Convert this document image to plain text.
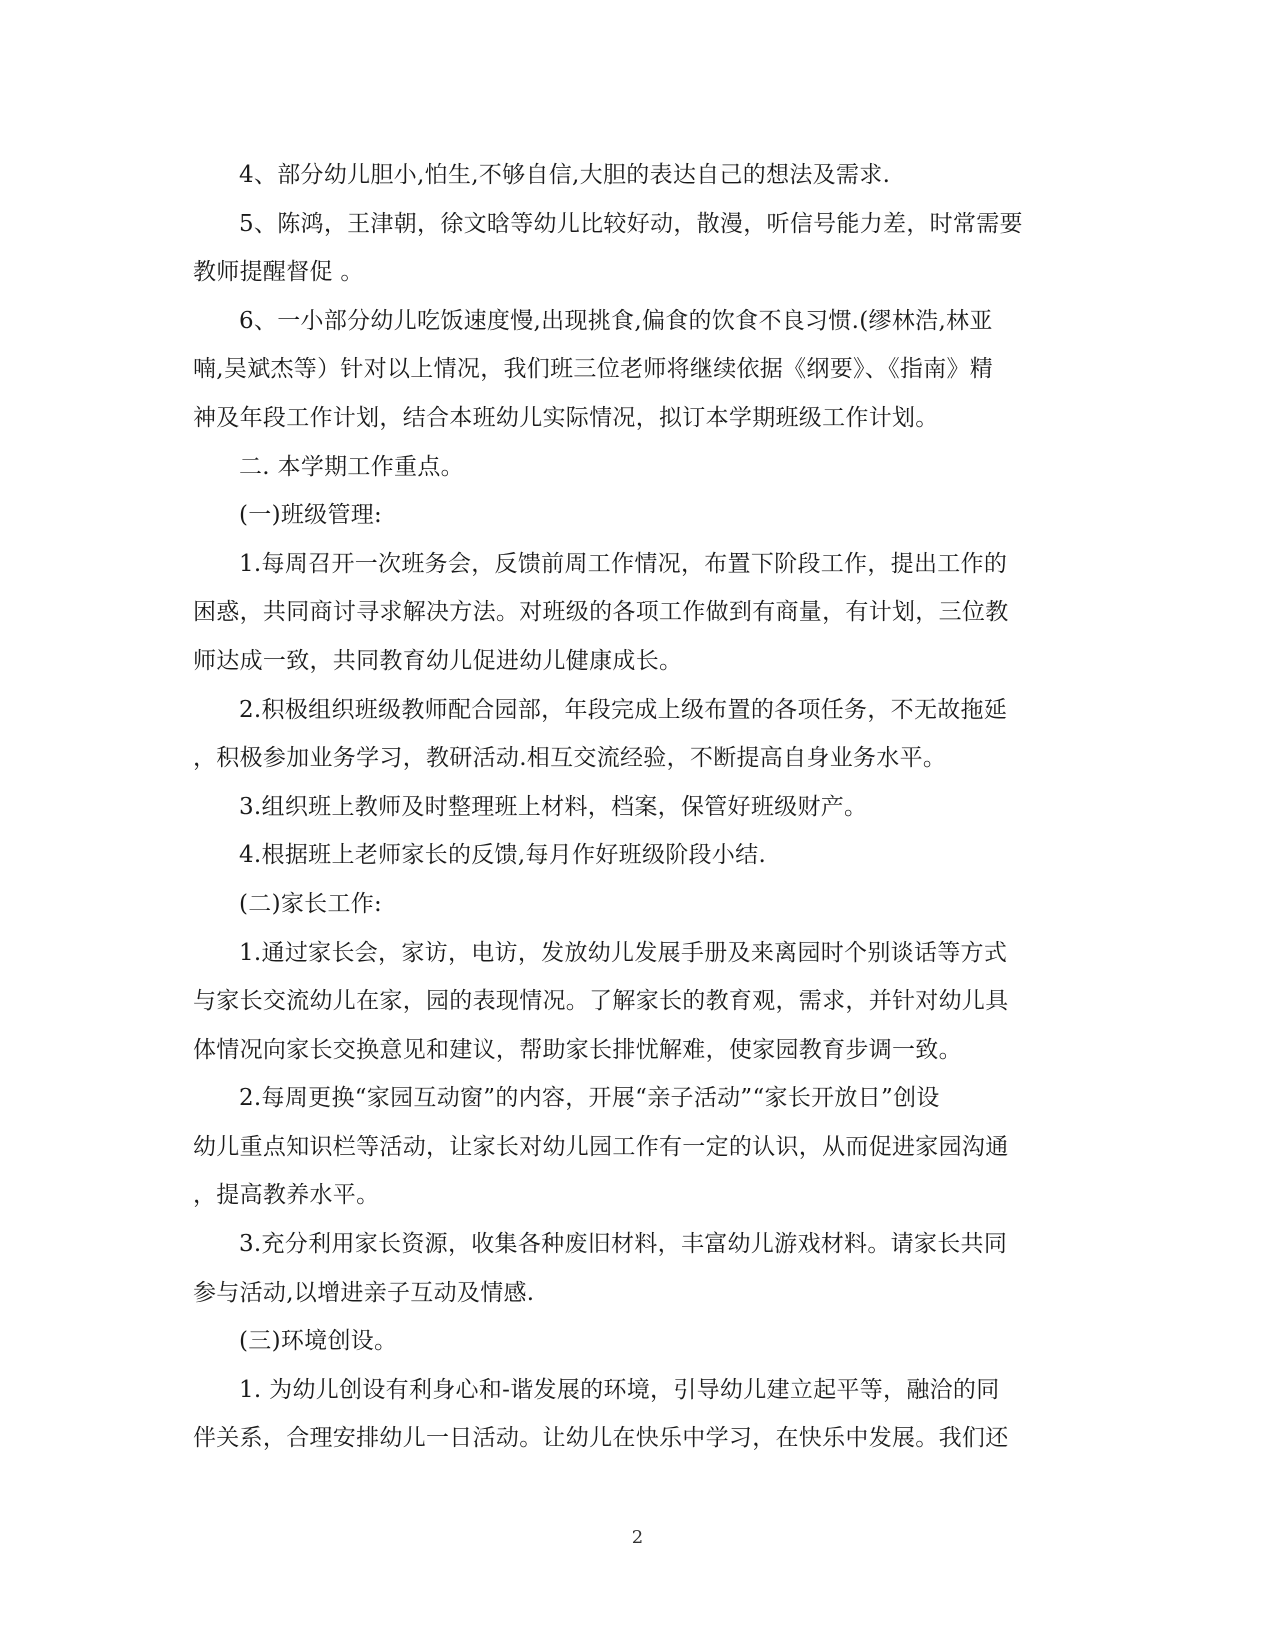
4、部分幼儿胆小,怕生,不够自信,大胆的表达自己的想法及需求.
5、陈鸿，王津朝，徐文晗等幼儿比较好动，散漫，听信号能力差，时常需要
教师提醒督促 。
6、一小部分幼儿吃饭速度慢,出现挑食,偏食的饮食不良习惯.(缪林浩,林亚
喃,吴斌杰等）针对以上情况，我们班三位老师将继续依据《纲要》、《指南》精
神及年段工作计划，结合本班幼儿实际情况，拟订本学期班级工作计划。
二. 本学期工作重点。
(一)班级管理:
1.每周召开一次班务会，反馈前周工作情况，布置下阶段工作，提出工作的
困惑，共同商讨寻求解决方法。对班级的各项工作做到有商量，有计划，三位教
师达成一致，共同教育幼儿促进幼儿健康成长。
2.积极组织班级教师配合园部，年段完成上级布置的各项任务，不无故拖延
，积极参加业务学习，教研活动.相互交流经验，不断提高自身业务水平。
3.组织班上教师及时整理班上材料，档案，保管好班级财产。
4.根据班上老师家长的反馈,每月作好班级阶段小结.
(二)家长工作:
1.通过家长会，家访，电访，发放幼儿发展手册及来离园时个别谈话等方式
与家长交流幼儿在家，园的表现情况。了解家长的教育观，需求，并针对幼儿具
体情况向家长交换意见和建议，帮助家长排忧解难，使家园教育步调一致。
2.每周更换“家园互动窗”的内容，开展“亲子活动”“家长开放日”创设
幼儿重点知识栏等活动，让家长对幼儿园工作有一定的认识，从而促进家园沟通
，提高教养水平。
3.充分利用家长资源，收集各种废旧材料，丰富幼儿游戏材料。请家长共同
参与活动,以增进亲子互动及情感.
(三)环境创设。
1. 为幼儿创设有利身心和-谐发展的环境，引导幼儿建立起平等，融洽的同
伴关系，合理安排幼儿一日活动。让幼儿在快乐中学习，在快乐中发展。我们还
2
